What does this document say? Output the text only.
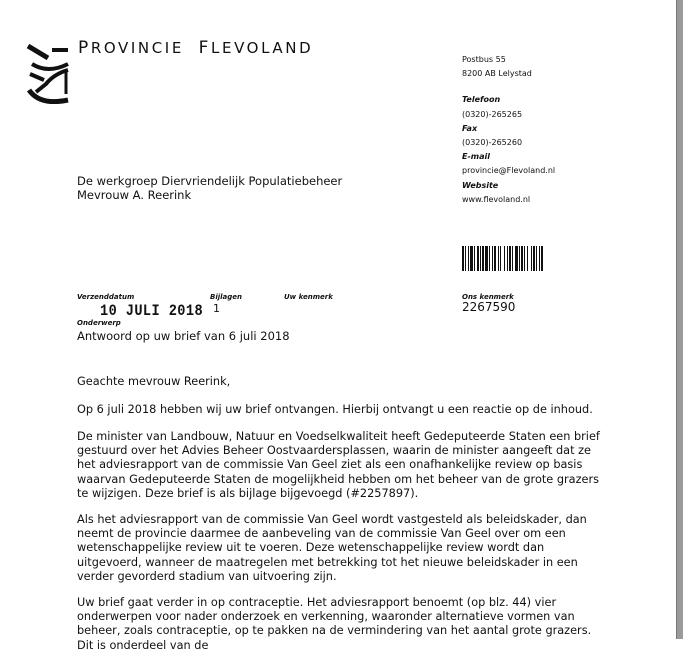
PROVINCIE FLEVOLAND
Postbus 55
8200 AB Lelystad
Telefoon
(0320)-265265
Fax
(0320)-265260
E-mail
provincie@Flevoland.nl
Website
www.flevoland.nl
De werkgroep Diervriendelijk Populatiebeheer
Mevrouw A. Reerink
Verzenddatum
10 JULI 2018
Bijlagen
1
Uw kenmerk	Ons kenmerk
2267590
Onderwerp
Antwoord op uw brief van 6 juli 2018

Geachte mevrouw Reerink,

Op 6 juli 2018 hebben wij uw brief ontvangen. Hierbij ontvangt u een reactie op de inhoud.

De minister van Landbouw, Natuur en Voedselkwaliteit heeft Gedeputeerde Staten een brief gestuurd over het Advies Beheer Oostvaardersplassen, waarin de minister aangeeft dat ze het adviesrapport van de commissie Van Geel ziet als een onafhankelijke review op basis waarvan Gedeputeerde Staten de mogelijkheid hebben om het beheer van de grote grazers te wijzigen. Deze brief is als bijlage bijgevoegd (#2257897).

Als het adviesrapport van de commissie Van Geel wordt vastgesteld als beleidskader, dan neemt de provincie daarmee de aanbeveling van de commissie Van Geel over om een wetenschappelijke review uit te voeren. Deze wetenschappelijke review wordt dan uitgevoerd, wanneer de maatregelen met betrekking tot het nieuwe beleidskader in een verder gevorderd stadium van uitvoering zijn.

Uw brief gaat verder in op contraceptie. Het adviesrapport benoemt (op blz. 44) vier onderwerpen voor nader onderzoek en verkenning, waaronder alternatieve vormen van beheer, zoals contraceptie, op te pakken na de vermindering van het aantal grote grazers. Dit is onderdeel van de
